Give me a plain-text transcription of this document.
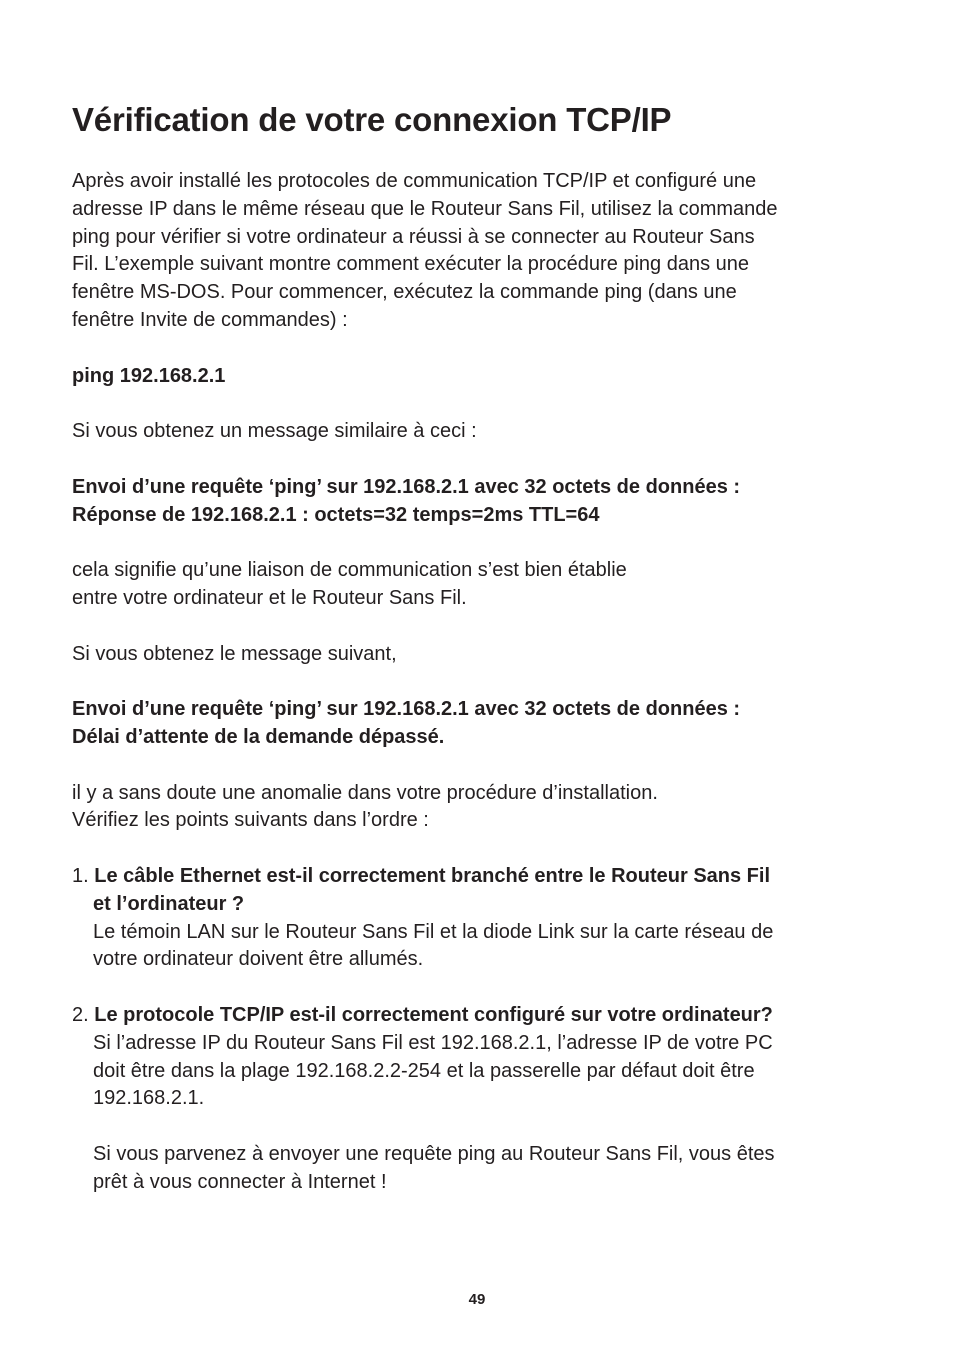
Vérification de votre connexion TCP/IP
Après avoir installé les protocoles de communication TCP/IP et configuré une
adresse IP dans le même réseau que le Routeur Sans Fil, utilisez la commande
ping pour vérifier si votre ordinateur a réussi à se connecter au Routeur Sans
Fil. L’exemple suivant montre comment exécuter la procédure ping dans une
fenêtre MS-DOS. Pour commencer, exécutez la commande ping (dans une
fenêtre Invite de commandes) :
ping 192.168.2.1
Si vous obtenez un message similaire à ceci :
Envoi d’une requête ‘ping’ sur 192.168.2.1 avec 32 octets de données :
Réponse de 192.168.2.1 : octets=32 temps=2ms TTL=64
cela signifie qu’une liaison de communication s’est bien établie
entre votre ordinateur et le Routeur Sans Fil.
Si vous obtenez le message suivant,
Envoi d’une requête ‘ping’ sur 192.168.2.1 avec 32 octets de données :
Délai d’attente de la demande dépassé.
il y a sans doute une anomalie dans votre procédure d’installation.
Vérifiez les points suivants dans l’ordre :
1. Le câble Ethernet est-il correctement branché entre le Routeur Sans Fil
et l’ordinateur ?
Le témoin LAN sur le Routeur Sans Fil et la diode Link sur la carte réseau de
votre ordinateur doivent être allumés.
2. Le protocole TCP/IP est-il correctement configuré sur votre ordinateur?
Si l’adresse IP du Routeur Sans Fil est 192.168.2.1, l’adresse IP de votre PC
doit être dans la plage 192.168.2.2-254 et la passerelle par défaut doit être
192.168.2.1.
Si vous parvenez à envoyer une requête ping au Routeur Sans Fil, vous êtes
prêt à vous connecter à Internet !
49
